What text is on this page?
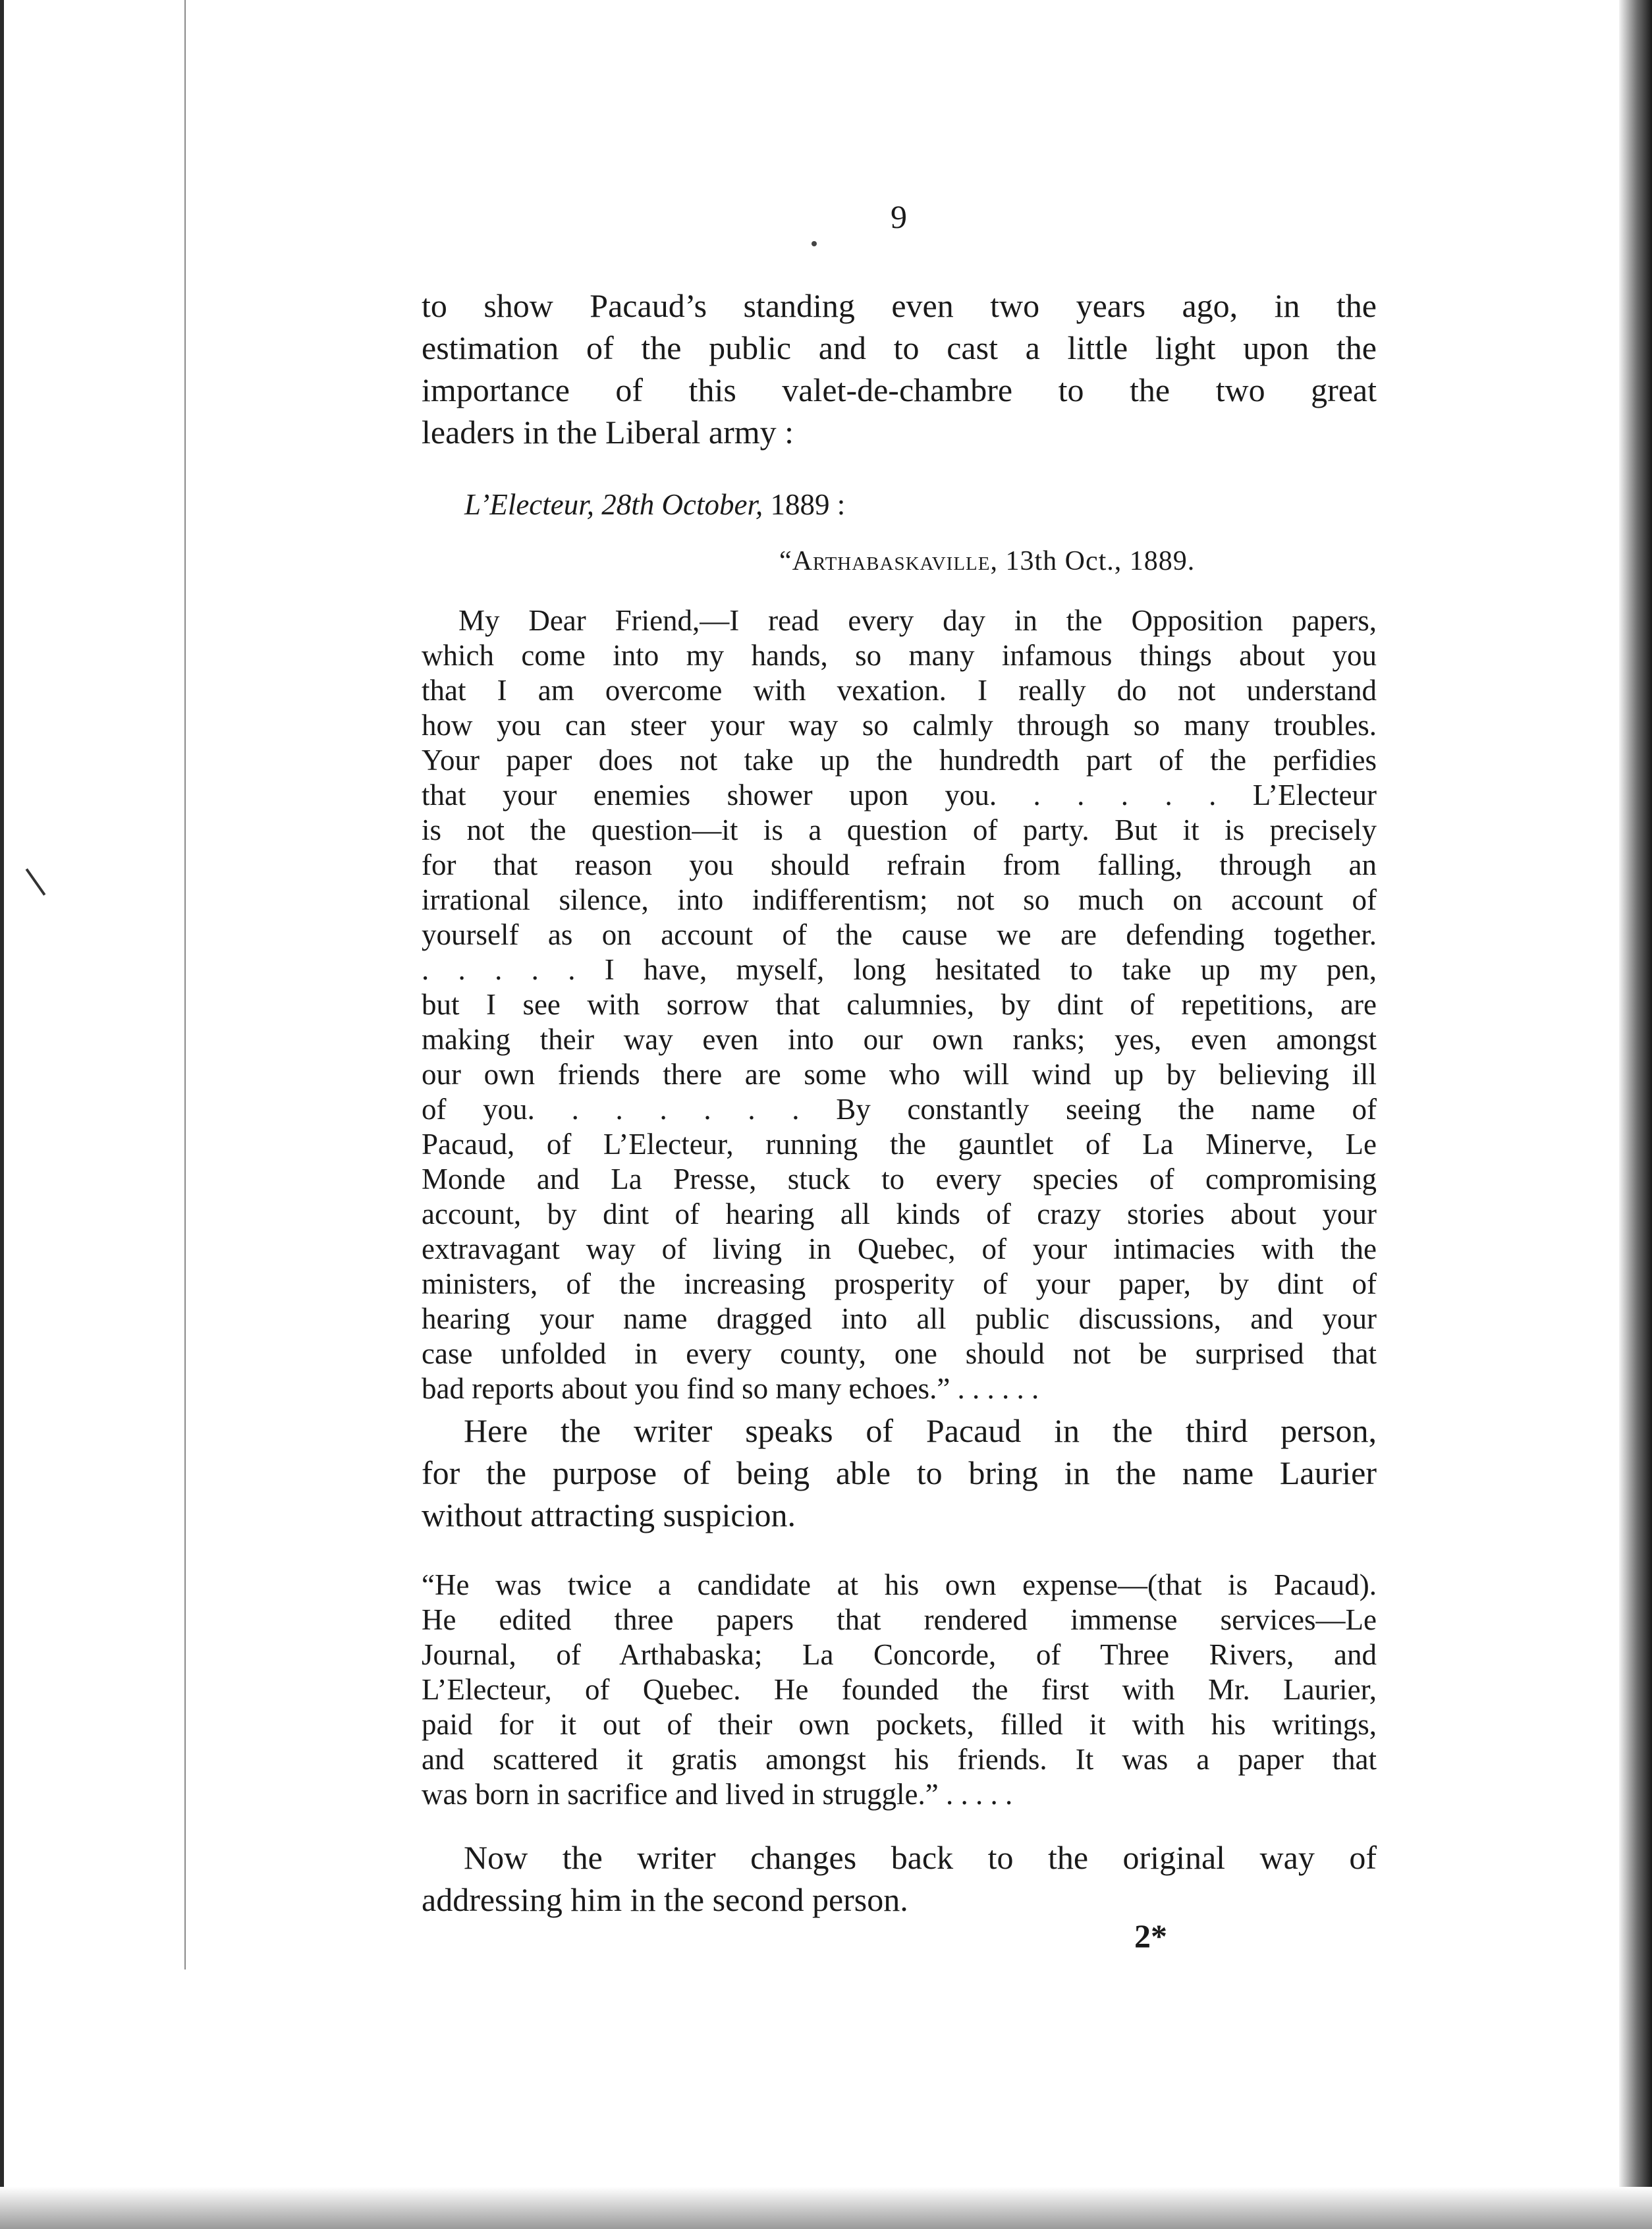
9

to show Pacaud’s standing even two years ago, in the
estimation of the public and to cast a little light upon the
importance of this valet-de-chambre to the two great
leaders in the Liberal army :

L’Electeur, 28th October, 1889 :
“Arthabaskaville, 13th Oct., 1889.

My Dear Friend,—I read every day in the Opposition papers,
which come into my hands, so many infamous things about you
that I am overcome with vexation. I really do not understand
how you can steer your way so calmly through so many troubles.
Your paper does not take up the hundredth part of the perfidies
that your enemies shower upon you. . . . . . L’Electeur
is not the question—it is a question of party. But it is precisely
for that reason you should refrain from falling, through an
irrational silence, into indifferentism; not so much on account of
yourself as on account of the cause we are defending together.
. . . . . I have, myself, long hesitated to take up my pen,
but I see with sorrow that calumnies, by dint of repetitions, are
making their way even into our own ranks; yes, even amongst
our own friends there are some who will wind up by believing ill
of you. . . . . . . By constantly seeing the name of
Pacaud, of L’Electeur, running the gauntlet of La Minerve, Le
Monde and La Presse, stuck to every species of compromising
account, by dint of hearing all kinds of crazy stories about your
extravagant way of living in Quebec, of your intimacies with the
ministers, of the increasing prosperity of your paper, by dint of
hearing your name dragged into all public discussions, and your
case unfolded in every county, one should not be surprised that
bad reports about you find so many echoes.” . . . . . .

Here the writer speaks of Pacaud in the third person,
for the purpose of being able to bring in the name Laurier
without attracting suspicion.

“He was twice a candidate at his own expense—(that is Pacaud).
He edited three papers that rendered immense services—Le
Journal, of Arthabaska; La Concorde, of Three Rivers, and
L’Electeur, of Quebec. He founded the first with Mr. Laurier,
paid for it out of their own pockets, filled it with his writings,
and scattered it gratis amongst his friends. It was a paper that
was born in sacrifice and lived in struggle.” . . . . .

Now the writer changes back to the original way of
addressing him in the second person.

2*
